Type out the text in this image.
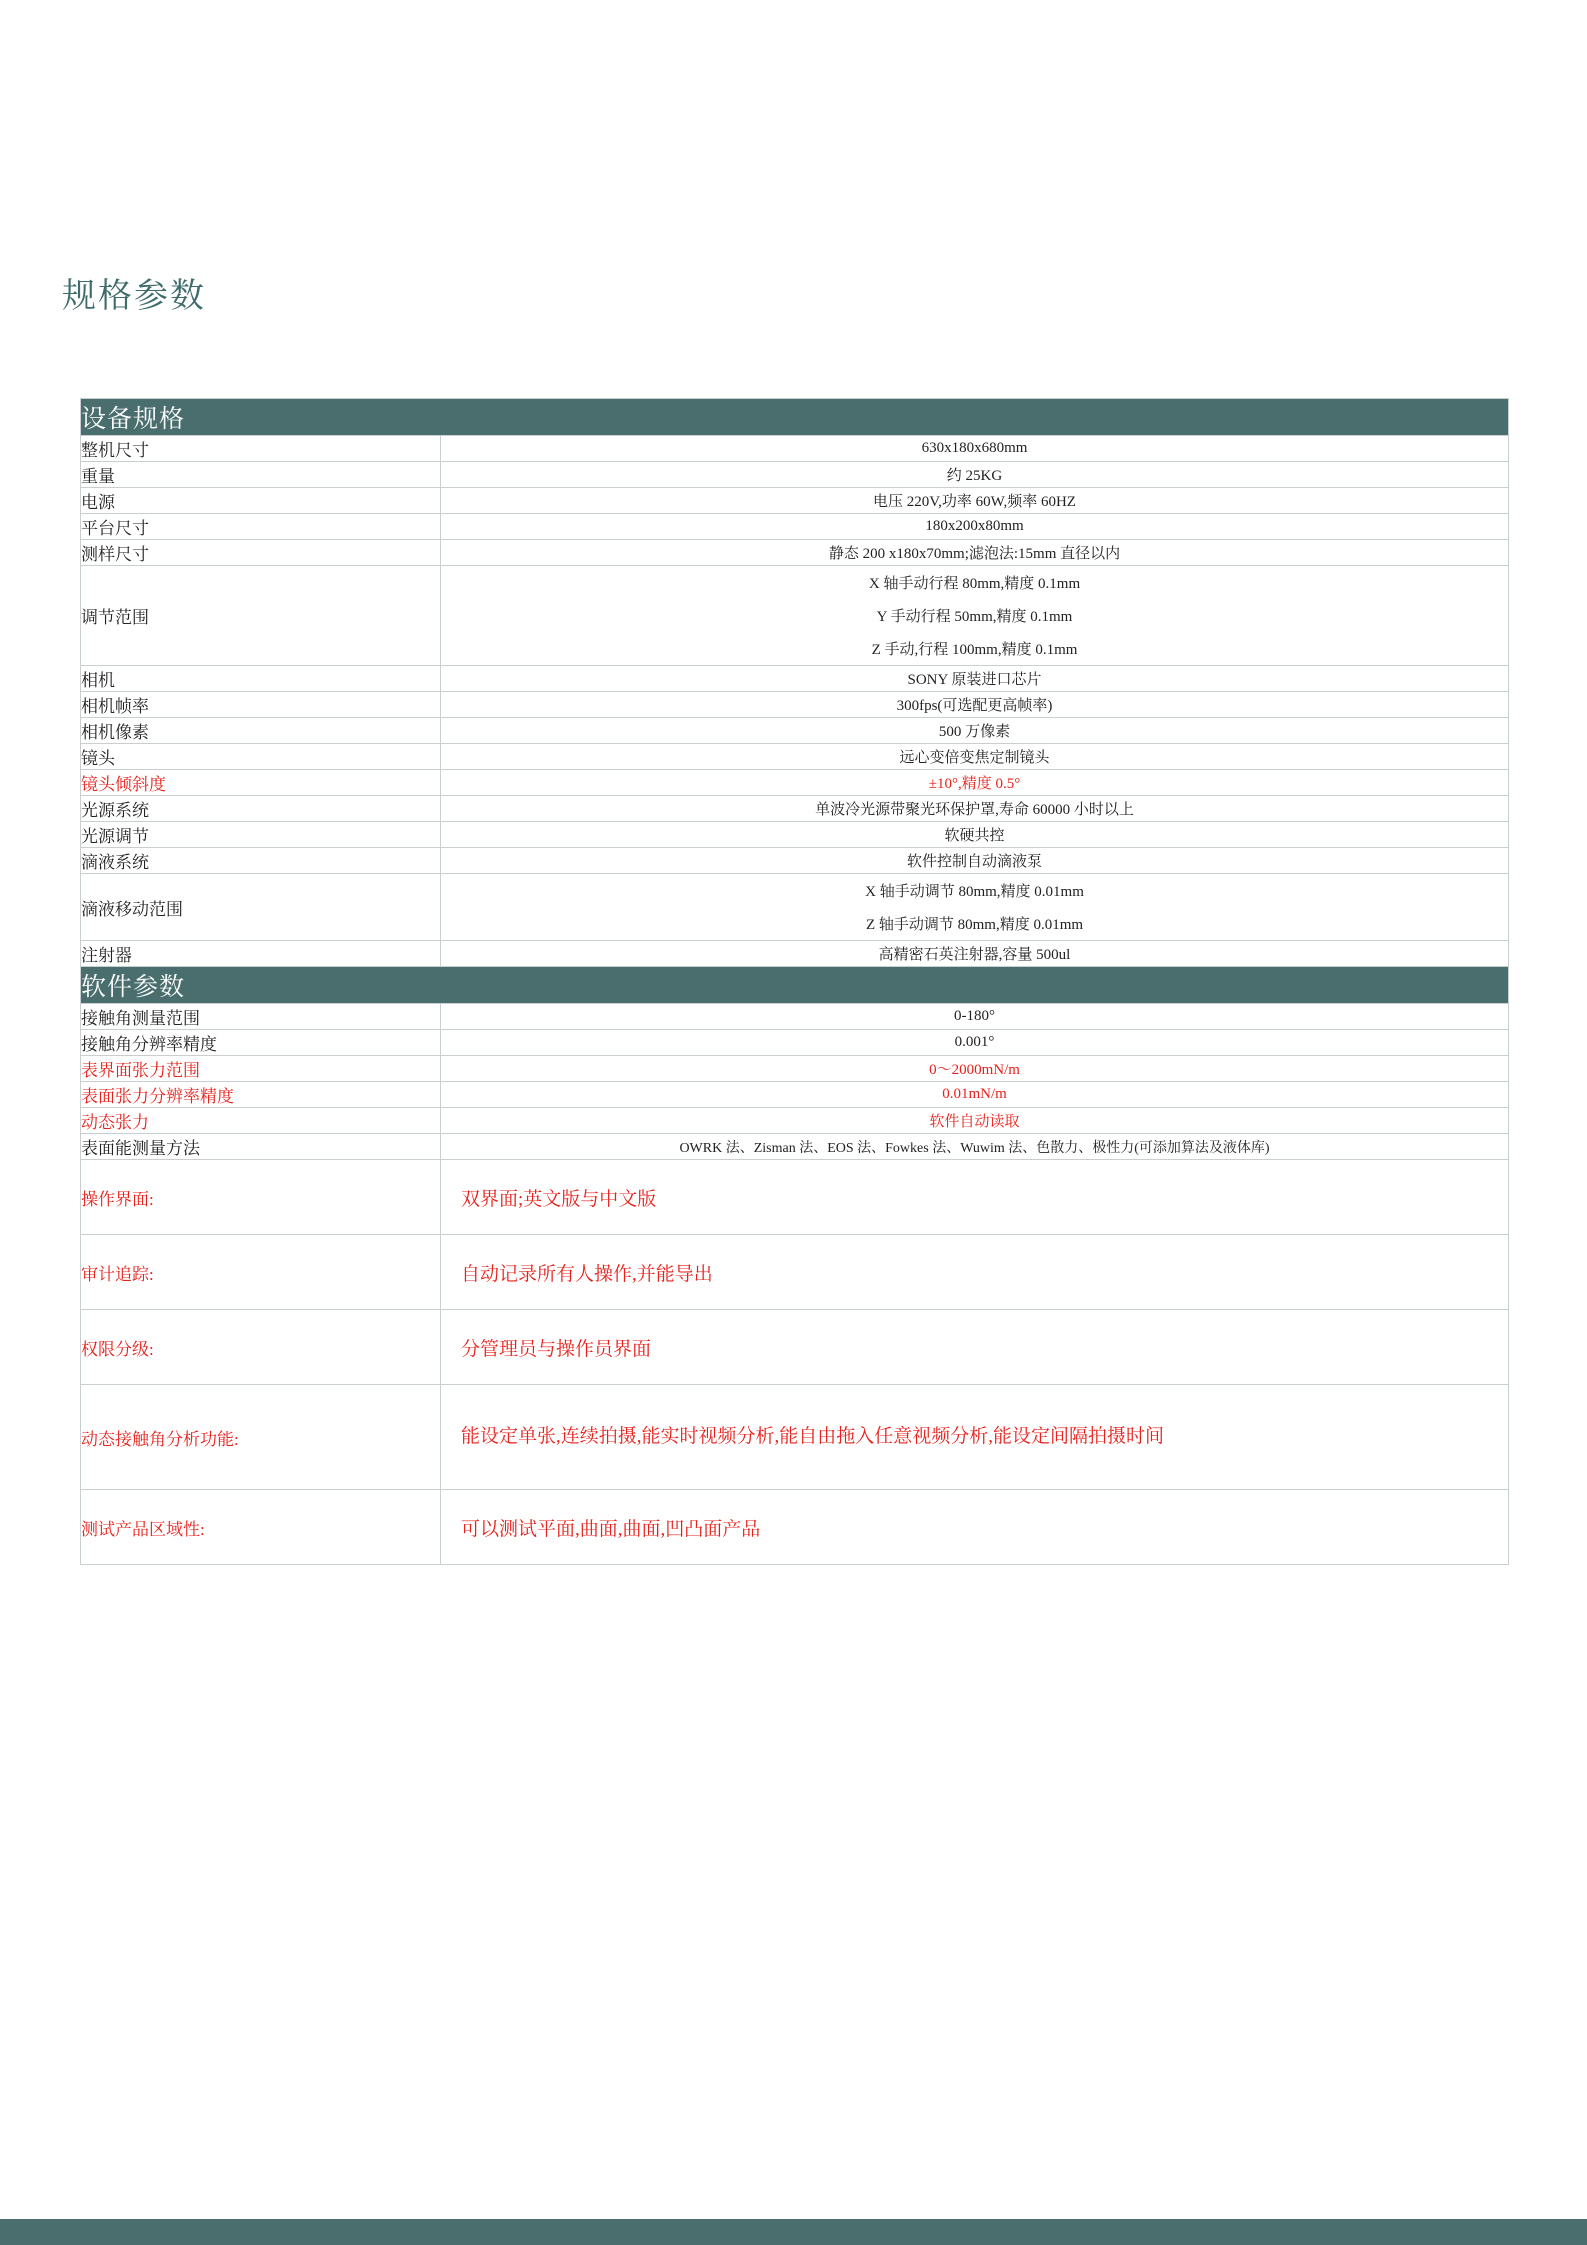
规格参数
设备规格	
整机尺寸	630x180x680mm
重量	约 25KG
电源	电压 220V,功率 60W,频率 60HZ
平台尺寸	180x200x80mm
测样尺寸	静态 200 x180x70mm;滤泡法:15mm 直径以内
调节范围	X 轴手动行程 80mm,精度 0.1mm
Y 手动行程 50mm,精度 0.1mm
Z 手动,行程 100mm,精度 0.1mm

相机	SONY 原装进口芯片
相机帧率	300fps(可选配更高帧率)
相机像素	500 万像素
镜头	远心变倍变焦定制镜头
镜头倾斜度	±10°,精度 0.5°
光源系统	单波冷光源带聚光环保护罩,寿命 60000 小时以上
光源调节	软硬共控
滴液系统	软件控制自动滴液泵
滴液移动范围	X 轴手动调节 80mm,精度 0.01mm
Z 轴手动调节 80mm,精度 0.01mm

注射器	高精密石英注射器,容量 500ul
软件参数	
接触角测量范围	0-180°
接触角分辨率精度	0.001°
表界面张力范围	0～2000mN/m
表面张力分辨率精度	0.01mN/m
动态张力	软件自动读取
表面能测量方法	OWRK 法、Zisman 法、EOS 法、Fowkes 法、Wuwim 法、色散力、极性力(可添加算法及液体库)
操作界面:	双界面;英文版与中文版
审计追踪:	自动记录所有人操作,并能导出
权限分级:	分管理员与操作员界面
动态接触角分析功能:	能设定单张,连续拍摄,能实时视频分析,能自由拖入任意视频分析,能设定间隔拍摄时间
测试产品区域性:	可以测试平面,曲面,曲面,凹凸面产品
